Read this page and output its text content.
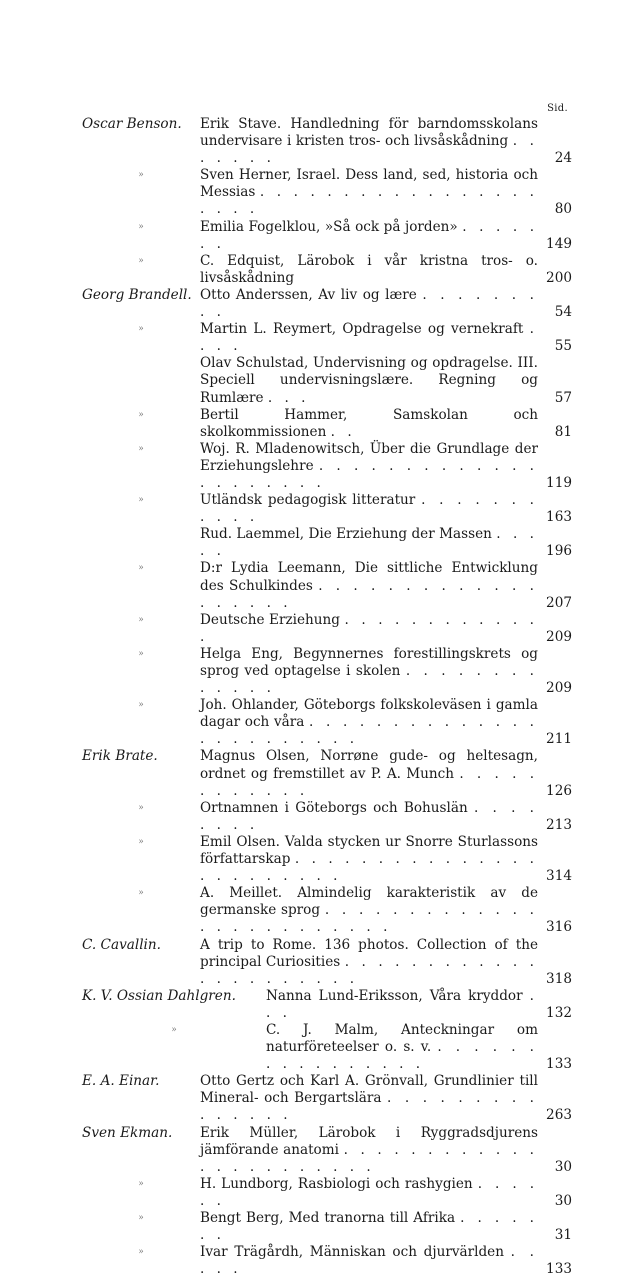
Sid.
Oscar Benson.	Erik Stave. Handledning för barndomsskolans undervisare i kristen tros- och livsåskådning . . . . . . .	24
»	Sven Herner, Israel. Dess land, sed, historia och Messias . . . . . . . . . . . . . . . . . . . . .	80
»	Emilia Fogelklou, »Så ock på jorden» . . . . . . .	149
»	C. Edquist, Lärobok i vår kristna tros- o. livsåskådning	200
Georg Brandell. Otto Anderssen, Av liv og lære . . . . . . . . .	54
»	Martin L. Reymert, Opdragelse og vernekraft . . . .	55
Olav Schulstad, Undervisning og opdragelse. III. Speciell undervisningslære. Regning og Rumlære . . .	57
»	Bertil Hammer, Samskolan och skolkommissionen . .	81
»	Woj. R. Mladenowitsch, Über die Grundlage der Erziehungslehre . . . . . . . . . . . . . . . . . . . . .	119
»	Utländsk pedagogisk litteratur . . . . . . . . . . .	163
Rud. Laemmel, Die Erziehung der Massen . . . . .	196
»	D:r Lydia Leemann, Die sittliche Entwicklung des Schulkindes . . . . . . . . . . . . . . . . . . .	207
»	Deutsche Erziehung . . . . . . . . . . . . .	209
»	Helga Eng, Begynnernes forestillingskrets og sprog ved optagelse i skolen . . . . . . . . . . . . .	209
»	Joh. Ohlander, Göteborgs folkskoleväsen i gamla dagar och våra . . . . . . . . . . . . . . . . . . . . . . . .	211
Erik Brate.	Magnus Olsen, Norrøne gude- og heltesagn, ordnet og fremstillet av P. A. Munch . . . . . . . . . . . .	126
»	Ortnamnen i Göteborgs och Bohuslän . . . . . . . .	213
»	Emil Olsen. Valda stycken ur Snorre Sturlassons författarskap . . . . . . . . . . . . . . . . . . . . . . . .	314
»	A. Meillet. Almindelig karakteristik av de germanske sprog . . . . . . . . . . . . . . . . . . . . . . . . .	316
C. Cavallin.	A trip to Rome. 136 photos. Collection of the principal Curiosities . . . . . . . . . . . . . . . . . . . . . .	318
K. V. Ossian Dahlgren.	Nanna Lund-Eriksson, Våra kryddor . . .	132
»	C. J. Malm, Anteckningar om naturföreteelser o. s. v. . . . . . . . . . . . . . . . .	133
E. A. Einar.	Otto Gertz och Karl A. Grönvall, Grundlinier till Mineral- och Bergartslära . . . . . . . . . . . . . . .	263
Sven Ekman.	Erik Müller, Lärobok i Ryggradsdjurens jämförande anatomi . . . . . . . . . . . . . . . . . . . . . . .	30
»	H. Lundborg, Rasbiologi och rashygien . . . . . .	30
»	Bengt Berg, Med tranorna till Afrika . . . . . . .	31
»	Ivar Trägårdh, Människan och djurvärlden . . . . .	133
